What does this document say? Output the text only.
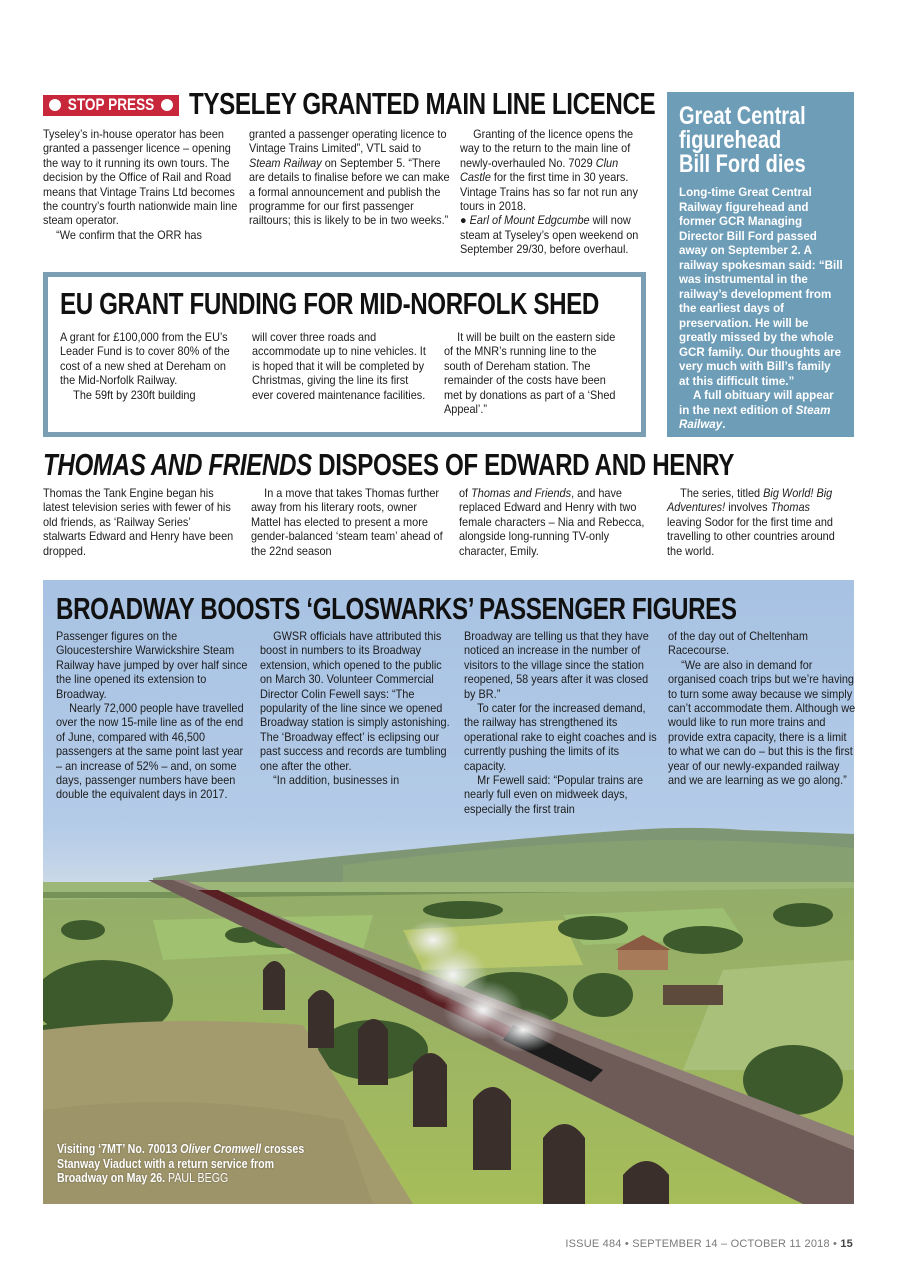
STOP PRESS TYSELEY GRANTED MAIN LINE LICENCE

Tyseley’s in-house operator has been granted a passenger licence – opening the way to it running its own tours. The decision by the Office of Rail and Road means that Vintage Trains Ltd becomes the country’s fourth nationwide main line steam operator.

“We confirm that the ORR has

granted a passenger operating licence to Vintage Trains Limited”, VTL said to Steam Railway on September 5. “There are details to finalise before we can make a formal announcement and publish the programme for our first passenger railtours; this is likely to be in two weeks.”

Granting of the licence opens the way to the return to the main line of newly-overhauled No. 7029 Clun Castle for the first time in 30 years. Vintage Trains has so far not run any tours in 2018.

● Earl of Mount Edgcumbe will now steam at Tyseley’s open weekend on September 29/30, before overhaul.

Great Central
figurehead
Bill Ford dies

Long-time Great Central Railway figurehead and former GCR Managing Director Bill Ford passed away on September 2. A railway spokesman said: “Bill was instrumental in the railway’s development from the earliest days of preservation. He will be greatly missed by the whole GCR family. Our thoughts are very much with Bill’s family at this difficult time.”

A full obituary will appear in the next edition of Steam Railway.

EU GRANT FUNDING FOR MID-NORFOLK SHED

A grant for £100,000 from the EU’s Leader Fund is to cover 80% of the cost of a new shed at Dereham on the Mid-Norfolk Railway.

The 59ft by 230ft building

will cover three roads and accommodate up to nine vehicles. It is hoped that it will be completed by Christmas, giving the line its first ever covered maintenance facilities.

It will be built on the eastern side of the MNR’s running line to the south of Dereham station. The remainder of the costs have been met by donations as part of a ‘Shed Appeal’.”

THOMAS AND FRIENDS DISPOSES OF EDWARD AND HENRY

Thomas the Tank Engine began his latest television series with fewer of his old friends, as ‘Railway Series’ stalwarts Edward and Henry have been dropped.

In a move that takes Thomas further away from his literary roots, owner Mattel has elected to present a more gender-balanced ‘steam team’ ahead of the 22nd season

of Thomas and Friends, and have replaced Edward and Henry with two female characters – Nia and Rebecca, alongside long-running TV-only character, Emily.

The series, titled Big World! Big Adventures! involves Thomas leaving Sodor for the first time and travelling to other countries around the world.

BROADWAY BOOSTS ‘GLOSWARKS’ PASSENGER FIGURES

Passenger figures on the Gloucestershire Warwickshire Steam Railway have jumped by over half since the line opened its extension to Broadway.

Nearly 72,000 people have travelled over the now 15-mile line as of the end of June, compared with 46,500 passengers at the same point last year – an increase of 52% – and, on some days, passenger numbers have been double the equivalent days in 2017.

GWSR officials have attributed this boost in numbers to its Broadway extension, which opened to the public on March 30. Volunteer Commercial Director Colin Fewell says: “The popularity of the line since we opened Broadway station is simply astonishing. The ‘Broadway effect’ is eclipsing our past success and records are tumbling one after the other.

“In addition, businesses in

Broadway are telling us that they have noticed an increase in the number of visitors to the village since the station reopened, 58 years after it was closed by BR.”

To cater for the increased demand, the railway has strengthened its operational rake to eight coaches and is currently pushing the limits of its capacity.

Mr Fewell said: “Popular trains are nearly full even on midweek days, especially the first train

of the day out of Cheltenham Racecourse.

“We are also in demand for organised coach trips but we’re having to turn some away because we simply can’t accommodate them. Although we would like to run more trains and provide extra capacity, there is a limit to what we can do – but this is the first year of our newly-expanded railway and we are learning as we go along.”

Visiting ‘7MT’ No. 70013 Oliver Cromwell crosses
Stanway Viaduct with a return service from
Broadway on May 26. PAUL BEGG
ISSUE 484 • SEPTEMBER 14 – OCTOBER 11 2018 • 15
